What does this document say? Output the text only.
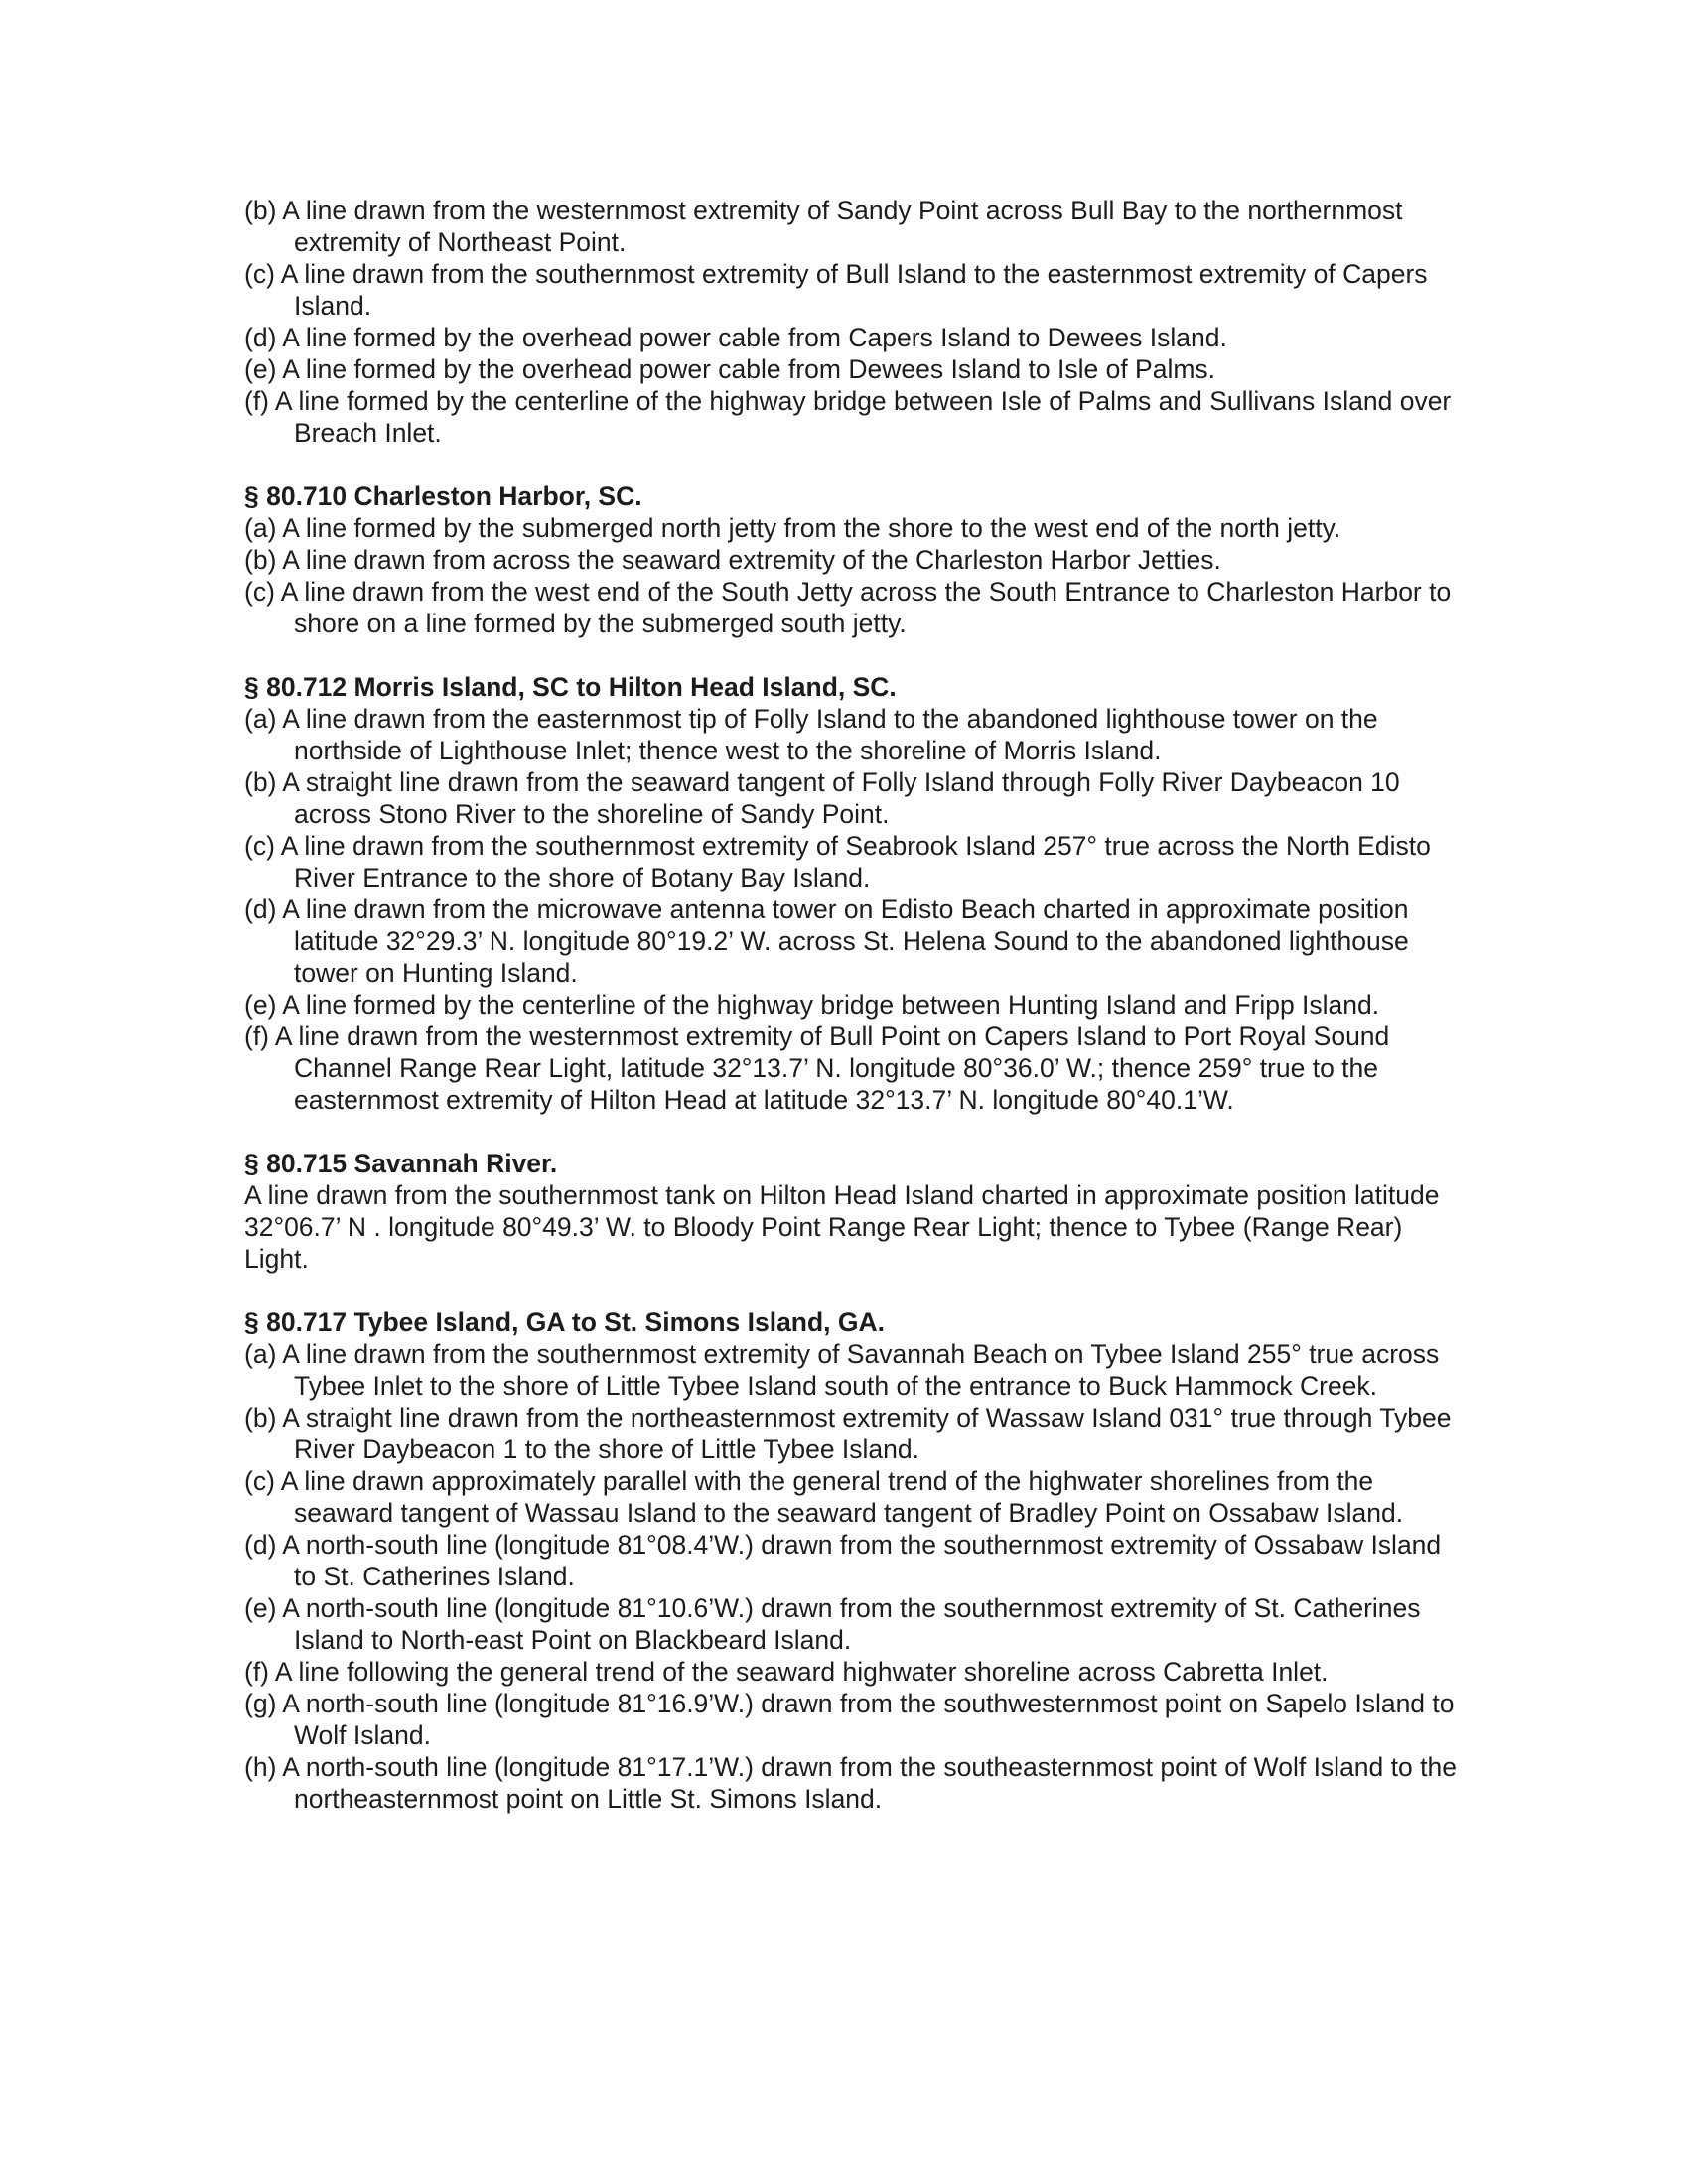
(b) A line drawn from the westernmost extremity of Sandy Point across Bull Bay to the northernmost extremity of Northeast Point.

(c) A line drawn from the southernmost extremity of Bull Island to the easternmost extremity of Capers Island.

(d) A line formed by the overhead power cable from Capers Island to Dewees Island.

(e) A line formed by the overhead power cable from Dewees Island to Isle of Palms.

(f) A line formed by the centerline of the highway bridge between Isle of Palms and Sullivans Island over Breach Inlet.

§ 80.710 Charleston Harbor, SC.

(a) A line formed by the submerged north jetty from the shore to the west end of the north jetty.

(b) A line drawn from across the seaward extremity of the Charleston Harbor Jetties.

(c) A line drawn from the west end of the South Jetty across the South Entrance to Charleston Harbor to shore on a line formed by the submerged south jetty.

§ 80.712 Morris Island, SC to Hilton Head Island, SC.

(a) A line drawn from the easternmost tip of Folly Island to the abandoned lighthouse tower on the northside of Lighthouse Inlet; thence west to the shoreline of Morris Island.

(b) A straight line drawn from the seaward tangent of Folly Island through Folly River Daybeacon 10 across Stono River to the shoreline of Sandy Point.

(c) A line drawn from the southernmost extremity of Seabrook Island 257° true across the North Edisto River Entrance to the shore of Botany Bay Island.

(d) A line drawn from the microwave antenna tower on Edisto Beach charted in approximate position latitude 32°29.3’ N. longitude 80°19.2’ W. across St. Helena Sound to the abandoned lighthouse tower on Hunting Island.

(e) A line formed by the centerline of the highway bridge between Hunting Island and Fripp Island.

(f) A line drawn from the westernmost extremity of Bull Point on Capers Island to Port Royal Sound Channel Range Rear Light, latitude 32°13.7’ N. longitude 80°36.0’ W.; thence 259° true to the easternmost extremity of Hilton Head at latitude 32°13.7’ N. longitude 80°40.1’W.

§ 80.715 Savannah River.

A line drawn from the southernmost tank on Hilton Head Island charted in approximate position latitude 32°06.7’ N . longitude 80°49.3’ W. to Bloody Point Range Rear Light; thence to Tybee (Range Rear) Light.

§ 80.717 Tybee Island, GA to St. Simons Island, GA.

(a) A line drawn from the southernmost extremity of Savannah Beach on Tybee Island 255° true across Tybee Inlet to the shore of Little Tybee Island south of the entrance to Buck Hammock Creek.

(b) A straight line drawn from the northeasternmost extremity of Wassaw Island 031° true through Tybee River Daybeacon 1 to the shore of Little Tybee Island.

(c) A line drawn approximately parallel with the general trend of the highwater shorelines from the seaward tangent of Wassau Island to the seaward tangent of Bradley Point on Ossabaw Island.

(d) A north-south line (longitude 81°08.4’W.) drawn from the southernmost extremity of Ossabaw Island to St. Catherines Island.

(e) A north-south line (longitude 81°10.6’W.) drawn from the southernmost extremity of St. Catherines Island to North-east Point on Blackbeard Island.

(f) A line following the general trend of the seaward highwater shoreline across Cabretta Inlet.

(g) A north-south line (longitude 81°16.9’W.) drawn from the southwesternmost point on Sapelo Island to Wolf Island.

(h) A north-south line (longitude 81°17.1’W.) drawn from the southeasternmost point of Wolf Island to the northeasternmost point on Little St. Simons Island.
